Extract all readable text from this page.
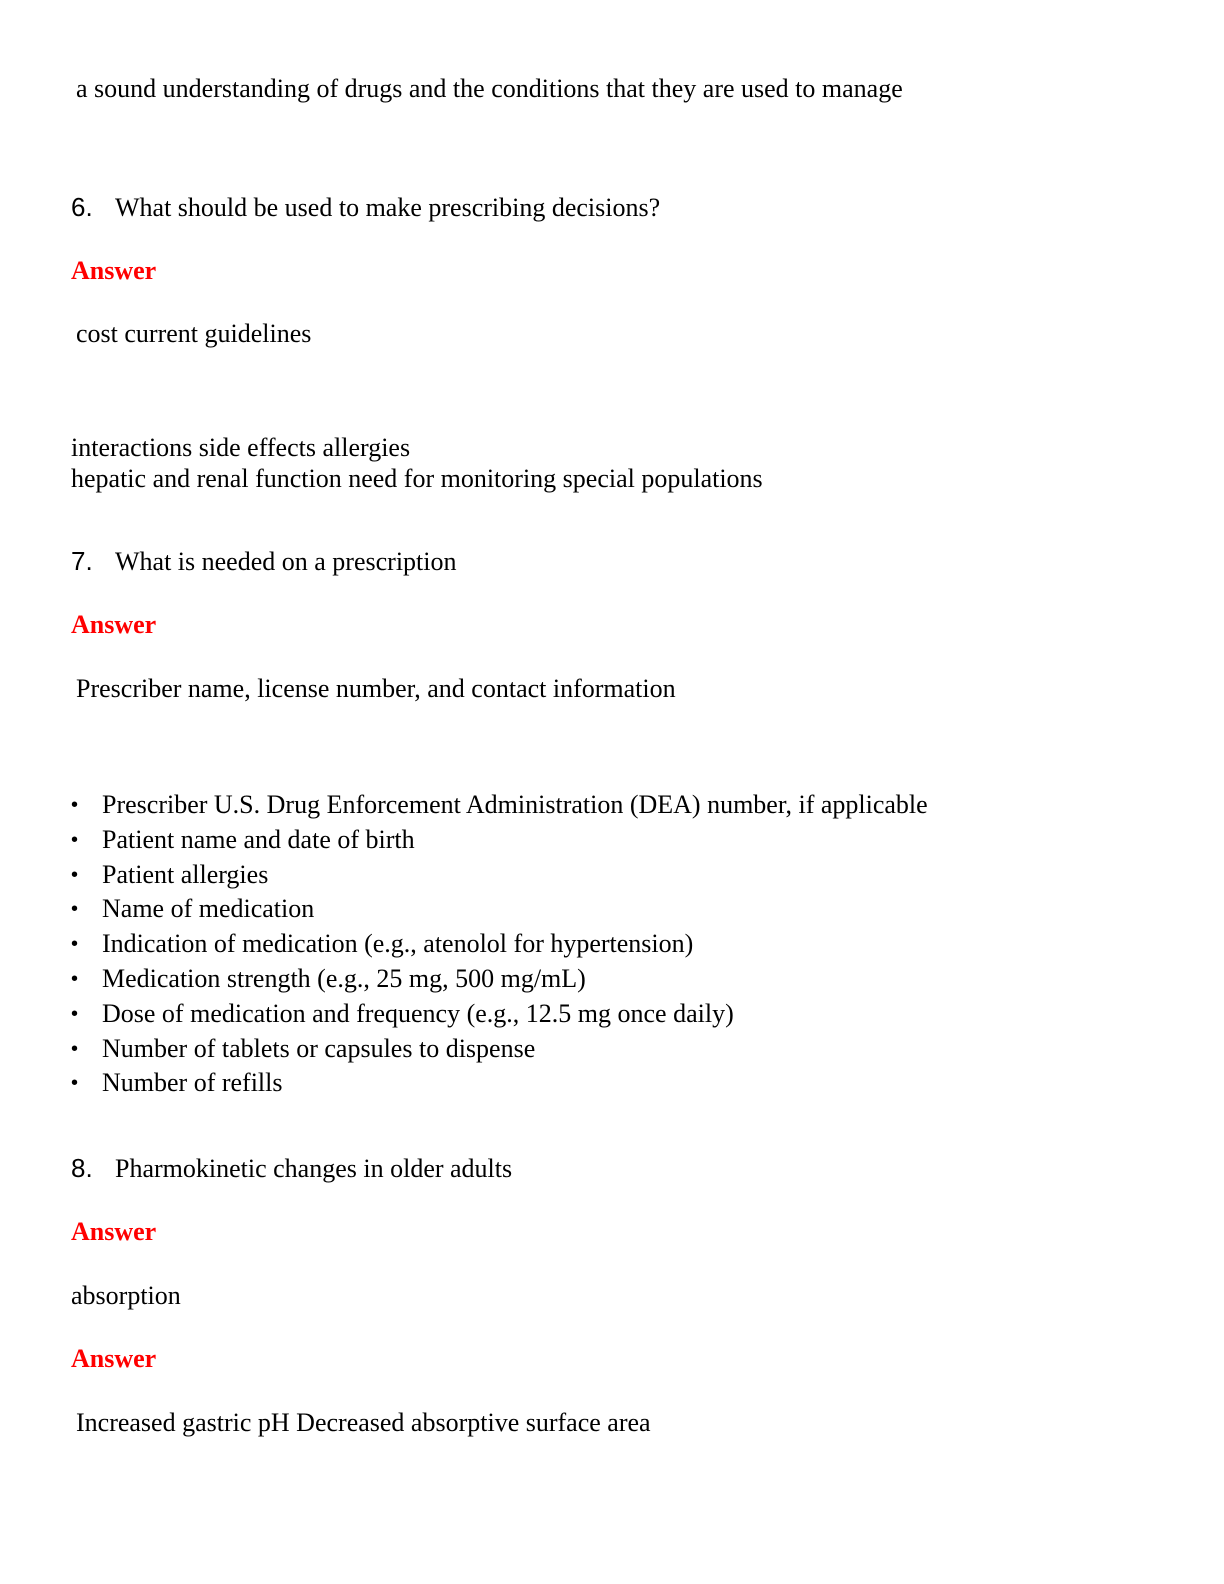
a sound understanding of drugs and the conditions that they are used to manage
6. What should be used to make prescribing decisions?
Answer
cost current guidelines
interactions side effects allergies
hepatic and renal function need for monitoring special populations
7. What is needed on a prescription
Answer
Prescriber name, license number, and contact information
• Prescriber U.S. Drug Enforcement Administration (DEA) number, if applicable
• Patient name and date of birth
• Patient allergies
• Name of medication
• Indication of medication (e.g., atenolol for hypertension)
• Medication strength (e.g., 25 mg, 500 mg/mL)
• Dose of medication and frequency (e.g., 12.5 mg once daily)
• Number of tablets or capsules to dispense
• Number of refills
8. Pharmokinetic changes in older adults
Answer
absorption
Answer
Increased gastric pH Decreased absorptive surface area
